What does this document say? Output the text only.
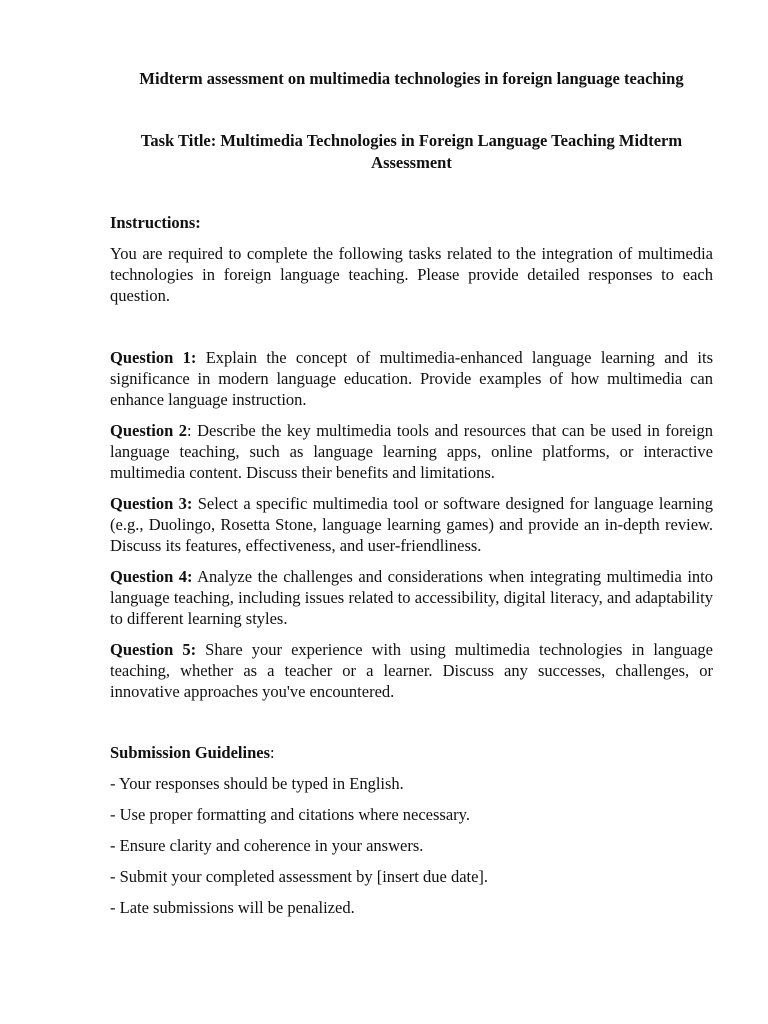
Midterm assessment on multimedia technologies in foreign language teaching

Task Title: Multimedia Technologies in Foreign Language Teaching Midterm Assessment

Instructions:

You are required to complete the following tasks related to the integration of multimedia technologies in foreign language teaching. Please provide detailed responses to each question.

Question 1: Explain the concept of multimedia-enhanced language learning and its significance in modern language education. Provide examples of how multimedia can enhance language instruction.

Question 2: Describe the key multimedia tools and resources that can be used in foreign language teaching, such as language learning apps, online platforms, or interactive multimedia content. Discuss their benefits and limitations.

Question 3: Select a specific multimedia tool or software designed for language learning (e.g., Duolingo, Rosetta Stone, language learning games) and provide an in-depth review. Discuss its features, effectiveness, and user-friendliness.

Question 4: Analyze the challenges and considerations when integrating multimedia into language teaching, including issues related to accessibility, digital literacy, and adaptability to different learning styles.

Question 5: Share your experience with using multimedia technologies in language teaching, whether as a teacher or a learner. Discuss any successes, challenges, or innovative approaches you've encountered.

Submission Guidelines:

- Your responses should be typed in English.

- Use proper formatting and citations where necessary.

- Ensure clarity and coherence in your answers.

- Submit your completed assessment by [insert due date].

- Late submissions will be penalized.
